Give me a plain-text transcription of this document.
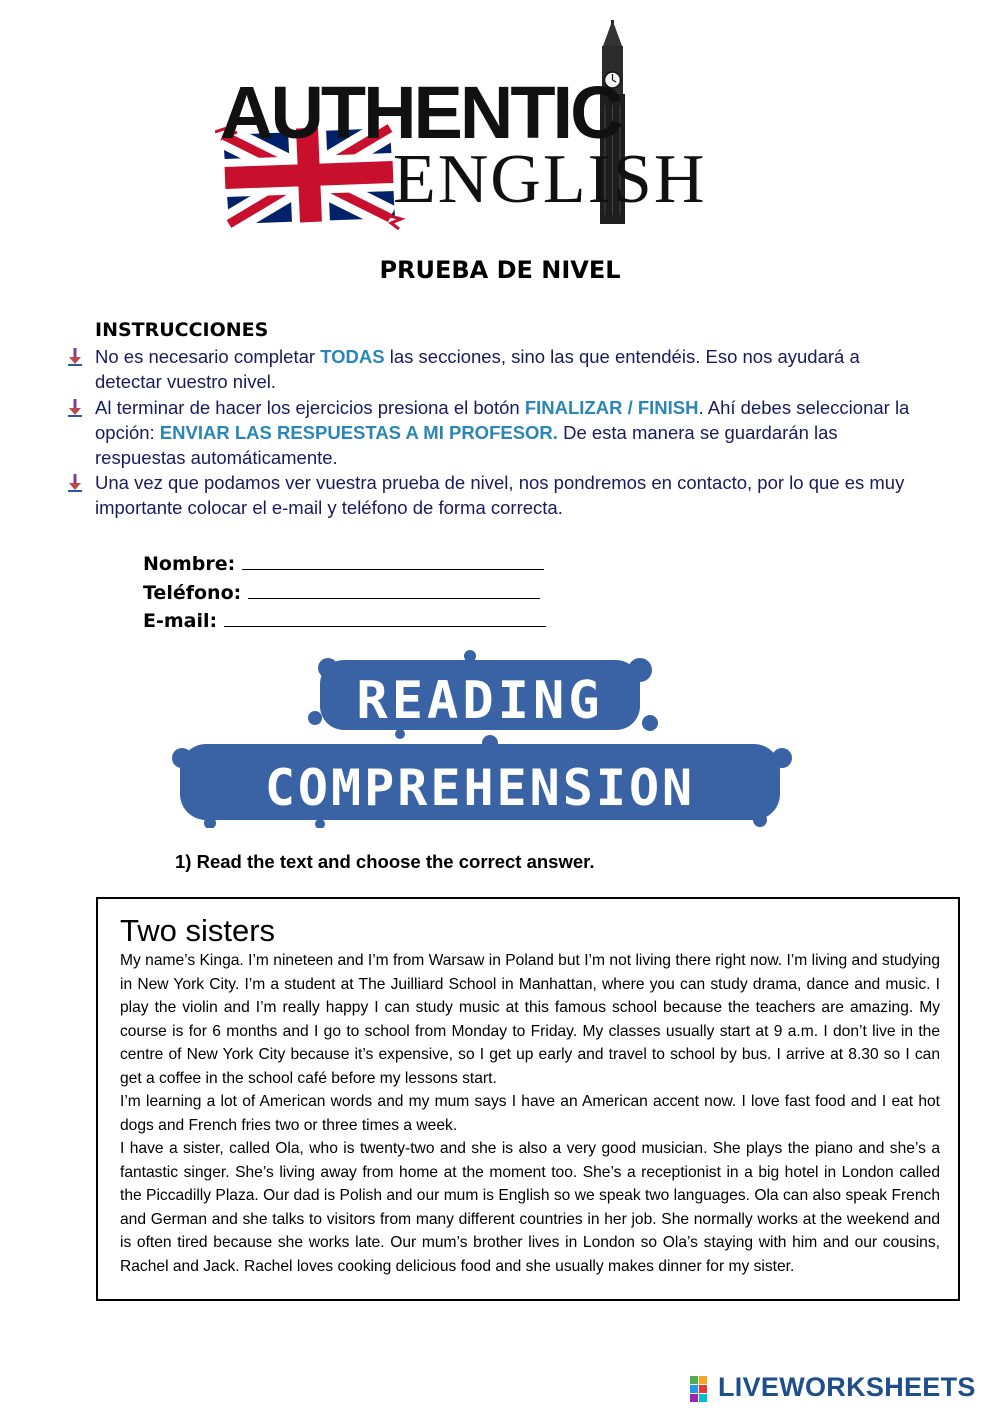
AUTHENTIC
ENGLISH
PRUEBA DE NIVEL
INSTRUCCIONES
No es necesario completar TODAS las secciones, sino las que entendéis. Eso nos ayudará a detectar vuestro nivel.
Al terminar de hacer los ejercicios presiona el botón FINALIZAR / FINISH. Ahí debes seleccionar la opción: ENVIAR LAS RESPUESTAS A MI PROFESOR. De esta manera se guardarán las respuestas automáticamente.
Una vez que podamos ver vuestra prueba de nivel, nos pondremos en contacto, por lo que es muy importante colocar el e-mail y teléfono de forma correcta.
Nombre:
Teléfono:
E-mail:
READING
COMPREHENSION
1) Read the text and choose the correct answer.
Two sisters

My name’s Kinga. I’m nineteen and I’m from Warsaw in Poland but I’m not living there right now. I’m living and studying in New York City. I’m a student at The Juilliard School in Manhattan, where you can study drama, dance and music. I play the violin and I’m really happy I can study music at this famous school because the teachers are amazing. My course is for 6 months and I go to school from Monday to Friday. My classes usually start at 9 a.m. I don’t live in the centre of New York City because it’s expensive, so I get up early and travel to school by bus. I arrive at 8.30 so I can get a coffee in the school café before my lessons start.

I’m learning a lot of American words and my mum says I have an American accent now. I love fast food and I eat hot dogs and French fries two or three times a week.

I have a sister, called Ola, who is twenty-two and she is also a very good musician. She plays the piano and she’s a fantastic singer. She’s living away from home at the moment too. She’s a receptionist in a big hotel in London called the Piccadilly Plaza. Our dad is Polish and our mum is English so we speak two languages. Ola can also speak French and German and she talks to visitors from many different countries in her job. She normally works at the weekend and is often tired because she works late. Our mum’s brother lives in London so Ola’s staying with him and our cousins, Rachel and Jack. Rachel loves cooking delicious food and she usually makes dinner for my sister.

LIVEWORKSHEETS
